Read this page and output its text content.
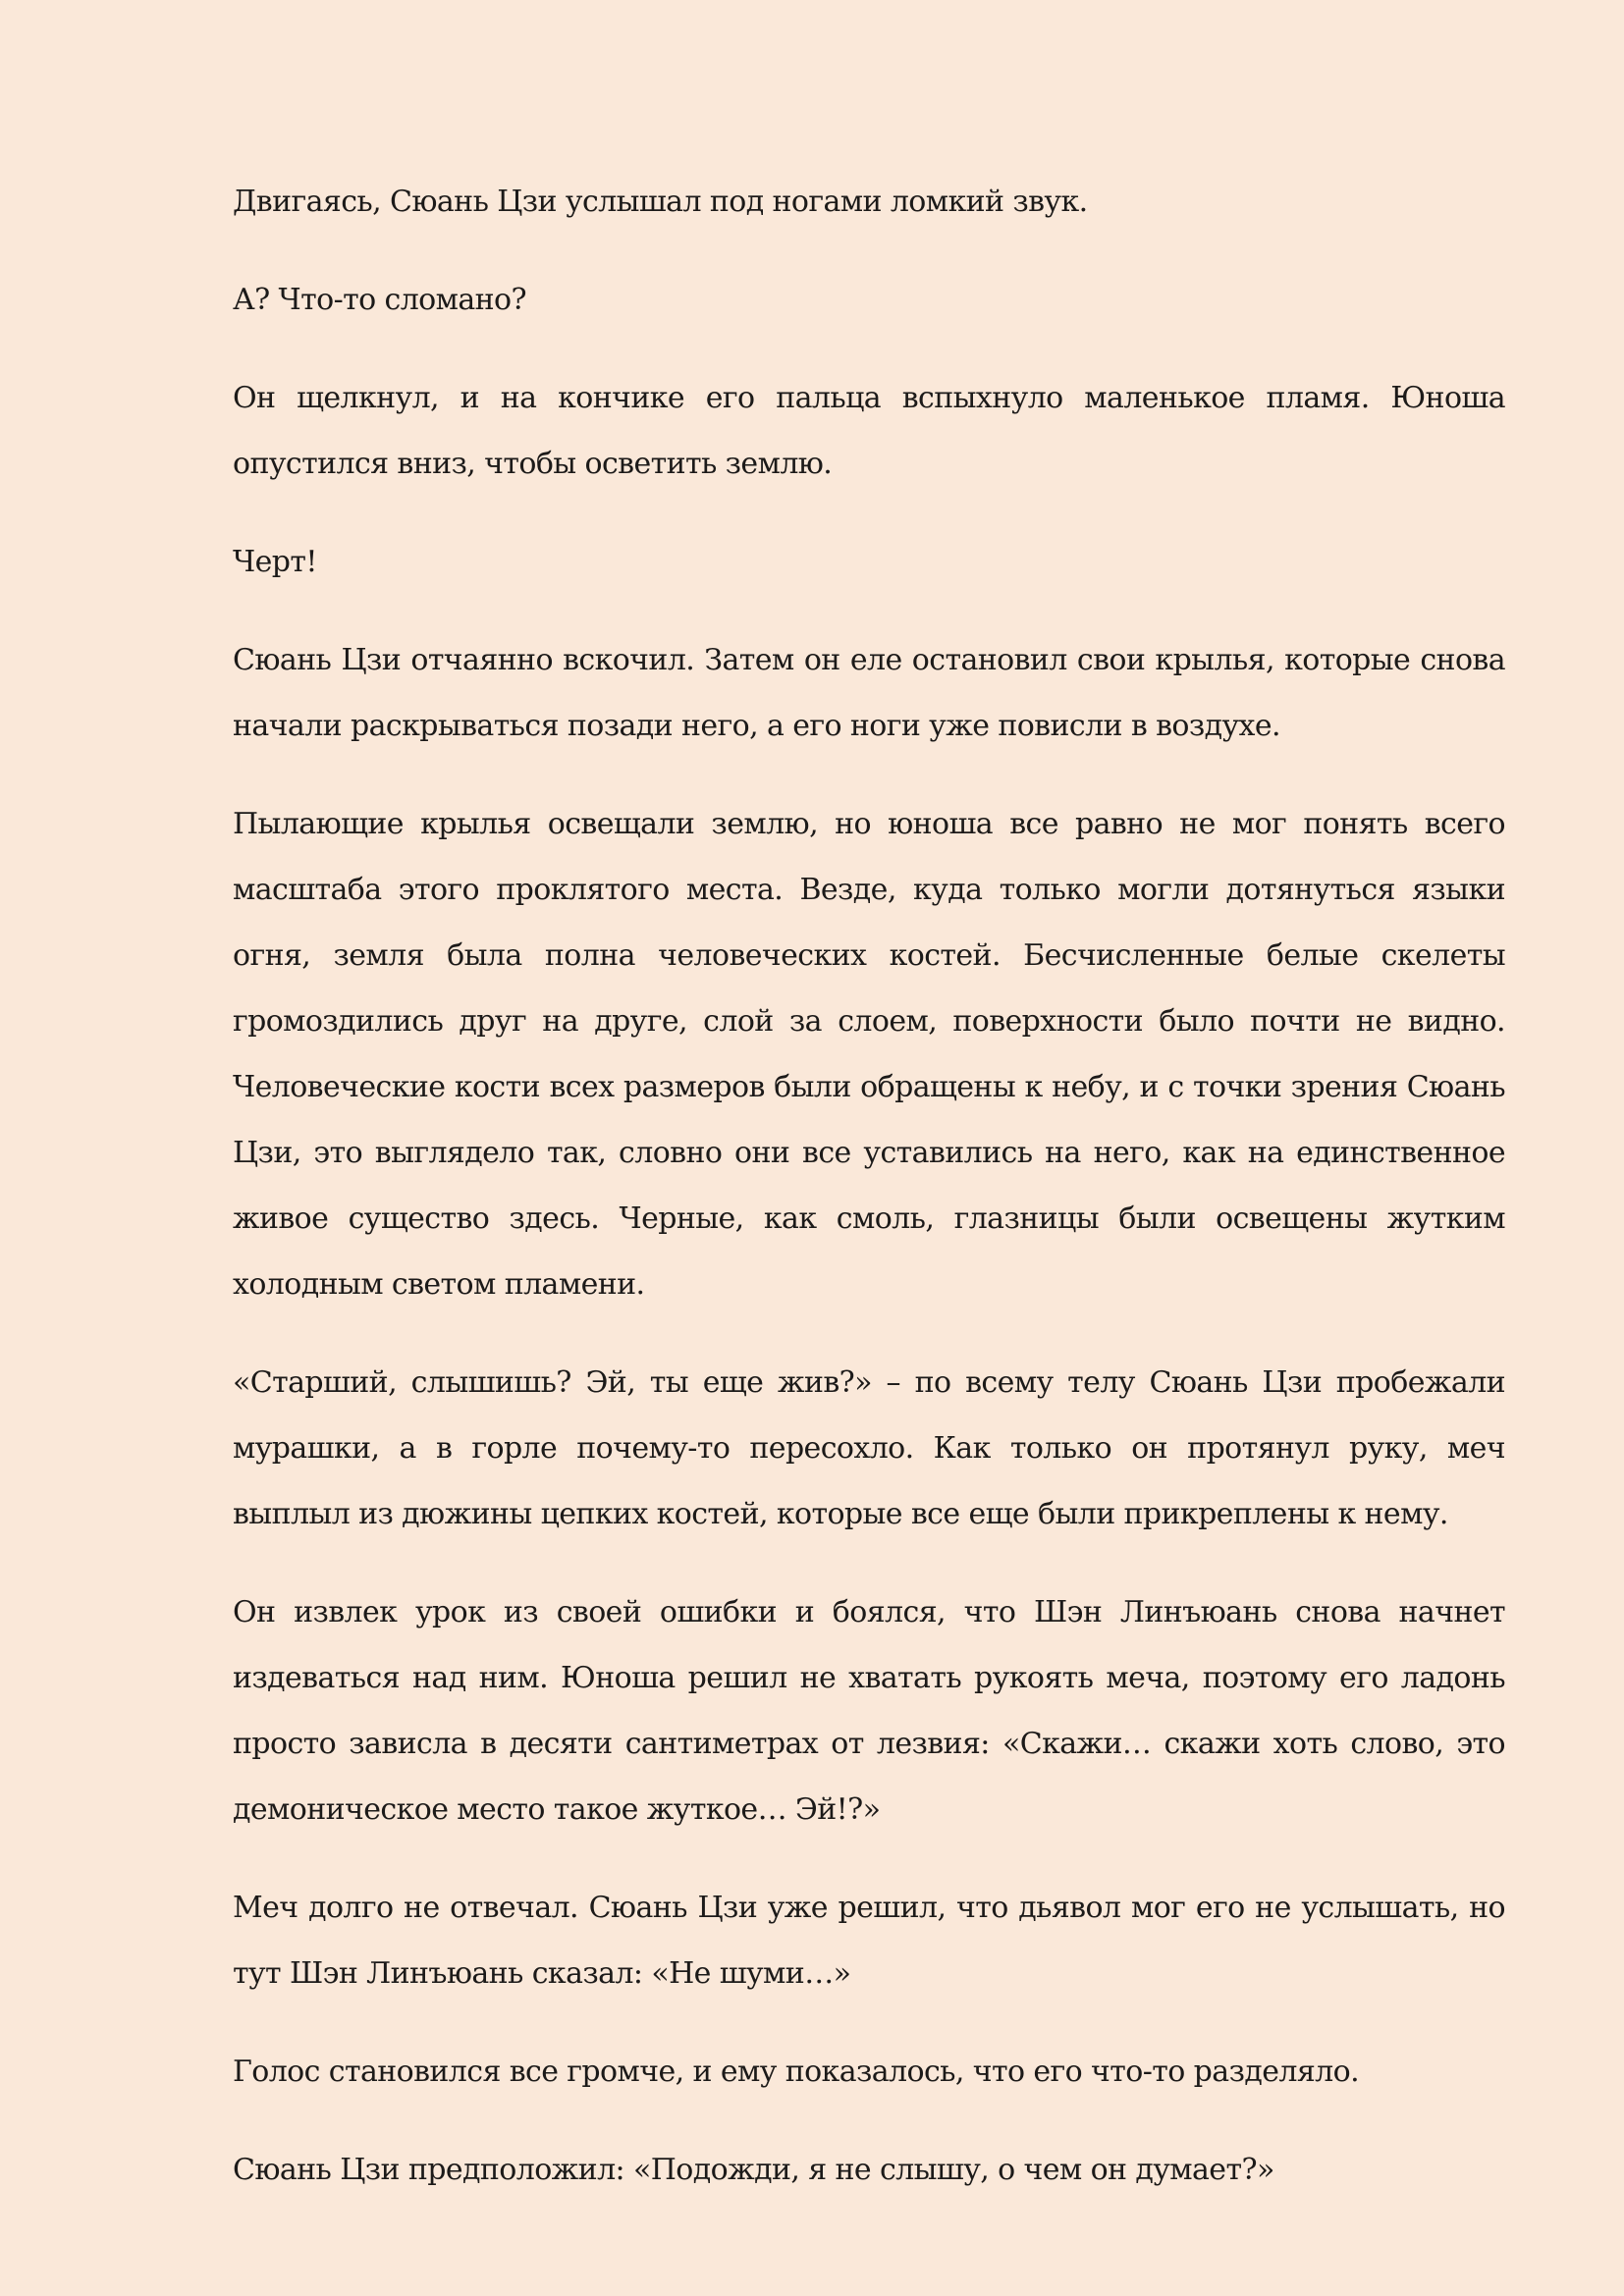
Двигаясь, Сюань Цзи услышал под ногами ломкий звук.

А? Что-то сломано?

Он щелкнул, и на кончике его пальца вспыхнуло маленькое пламя. Юноша опустился вниз, чтобы осветить землю.

Черт!

Сюань Цзи отчаянно вскочил. Затем он еле остановил свои крылья, которые снова начали раскрываться позади него, а его ноги уже повисли в воздухе.

Пылающие крылья освещали землю, но юноша все равно не мог понять всего масштаба этого проклятого места. Везде, куда только могли дотянуться языки огня, земля была полна человеческих костей. Бесчисленные белые скелеты громоздились друг на друге, слой за слоем, поверхности было почти не видно. Человеческие кости всех размеров были обращены к небу, и с точки зрения Сюань Цзи, это выглядело так, словно они все уставились на него, как на единственное живое существо здесь. Черные, как смоль, глазницы были освещены жутким холодным светом пламени.

«Старший, слышишь? Эй, ты еще жив?» – по всему телу Сюань Цзи пробежали мурашки, а в горле почему-то пересохло. Как только он протянул руку, меч выплыл из дюжины цепких костей, которые все еще были прикреплены к нему.

Он извлек урок из своей ошибки и боялся, что Шэн Линъюань снова начнет издеваться над ним. Юноша решил не хватать рукоять меча, поэтому его ладонь просто зависла в десяти сантиметрах от лезвия: «Скажи… скажи хоть слово, это демоническое место такое жуткое… Эй!?»

Меч долго не отвечал. Сюань Цзи уже решил, что дьявол мог его не услышать, но тут Шэн Линъюань сказал: «Не шуми…»

Голос становился все громче, и ему показалось, что его что-то разделяло.

Сюань Цзи предположил: «Подожди, я не слышу, о чем он думает?»
